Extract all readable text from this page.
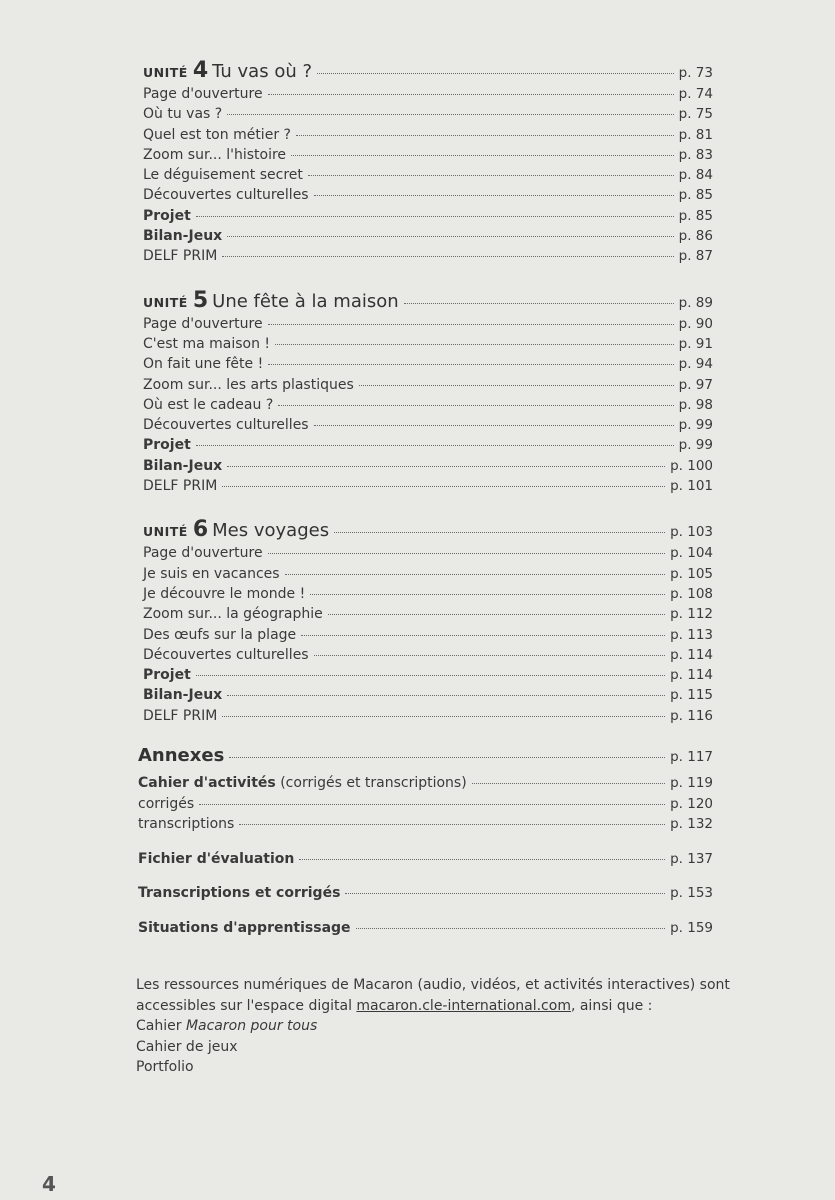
UNITÉ 4 Tu vas où ?	p. 73
Page d'ouverture	p. 74
Où tu vas ?	p. 75
Quel est ton métier ?	p. 81
Zoom sur... l'histoire	p. 83
Le déguisement secret	p. 84
Découvertes culturelles	p. 85
Projet	p. 85
Bilan-Jeux	p. 86
DELF PRIM	p. 87
UNITÉ 5 Une fête à la maison	p. 89
Page d'ouverture	p. 90
C'est ma maison !	p. 91
On fait une fête !	p. 94
Zoom sur... les arts plastiques	p. 97
Où est le cadeau ?	p. 98
Découvertes culturelles	p. 99
Projet	p. 99
Bilan-Jeux	p. 100
DELF PRIM	p. 101
UNITÉ 6 Mes voyages	p. 103
Page d'ouverture	p. 104
Je suis en vacances	p. 105
Je découvre le monde !	p. 108
Zoom sur... la géographie	p. 112
Des œufs sur la plage	p. 113
Découvertes culturelles	p. 114
Projet	p. 114
Bilan-Jeux	p. 115
DELF PRIM	p. 116
Annexes	p. 117
Cahier d'activités (corrigés et transcriptions)	p. 119
corrigés	p. 120
transcriptions	p. 132
Fichier d'évaluation	p. 137
Transcriptions et corrigés	p. 153
Situations d'apprentissage	p. 159
Les ressources numériques de Macaron (audio, vidéos, et activités interactives) sont
accessibles sur l'espace digital macaron.cle-international.com, ainsi que :
Cahier Macaron pour tous
Cahier de jeux
Portfolio
4
